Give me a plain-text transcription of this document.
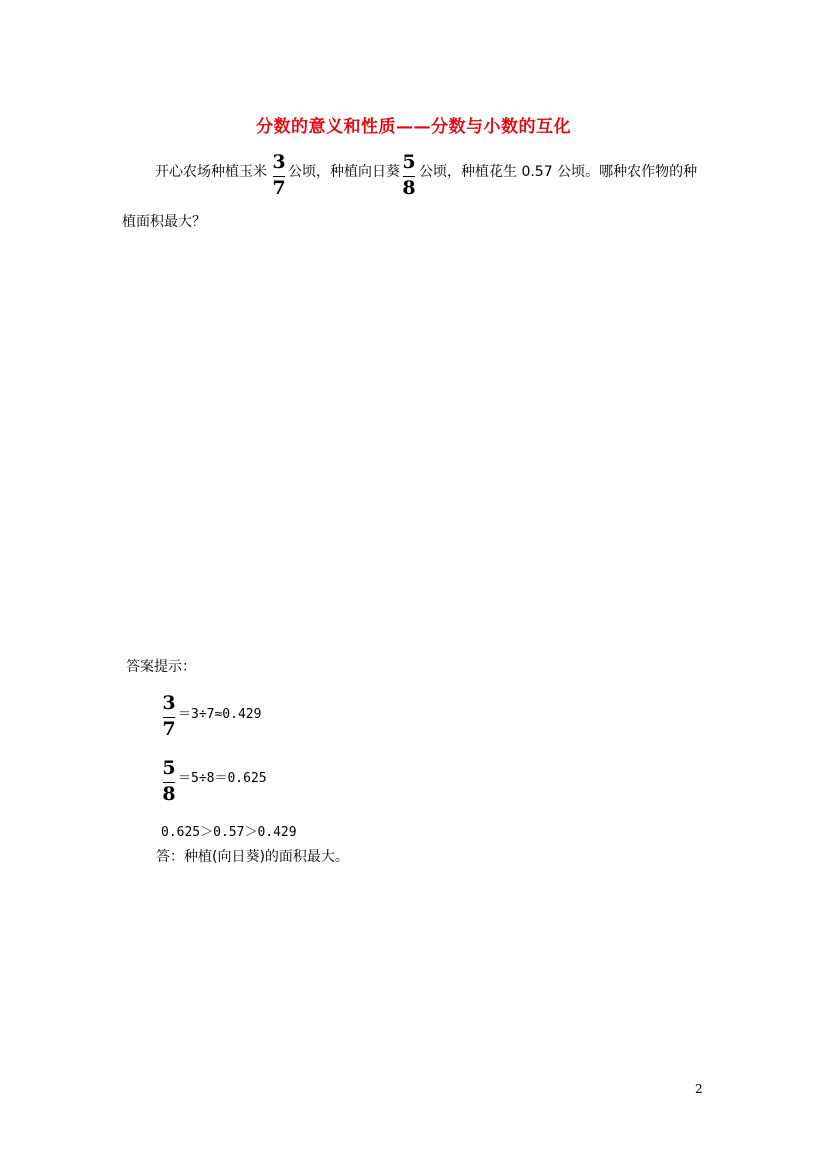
分数的意义和性质——分数与小数的互化
开心农场种植玉米 3
7
公顷，种植向日葵 5
8
公顷，种植花生 0.57 公顷。哪种农作物的种
植面积最大？
答案提示：
3
7
＝3÷7≈0.429
5
8
＝5÷8＝0.625
0.625＞0.57＞0.429
答：种植(向日葵)的面积最大。
2
